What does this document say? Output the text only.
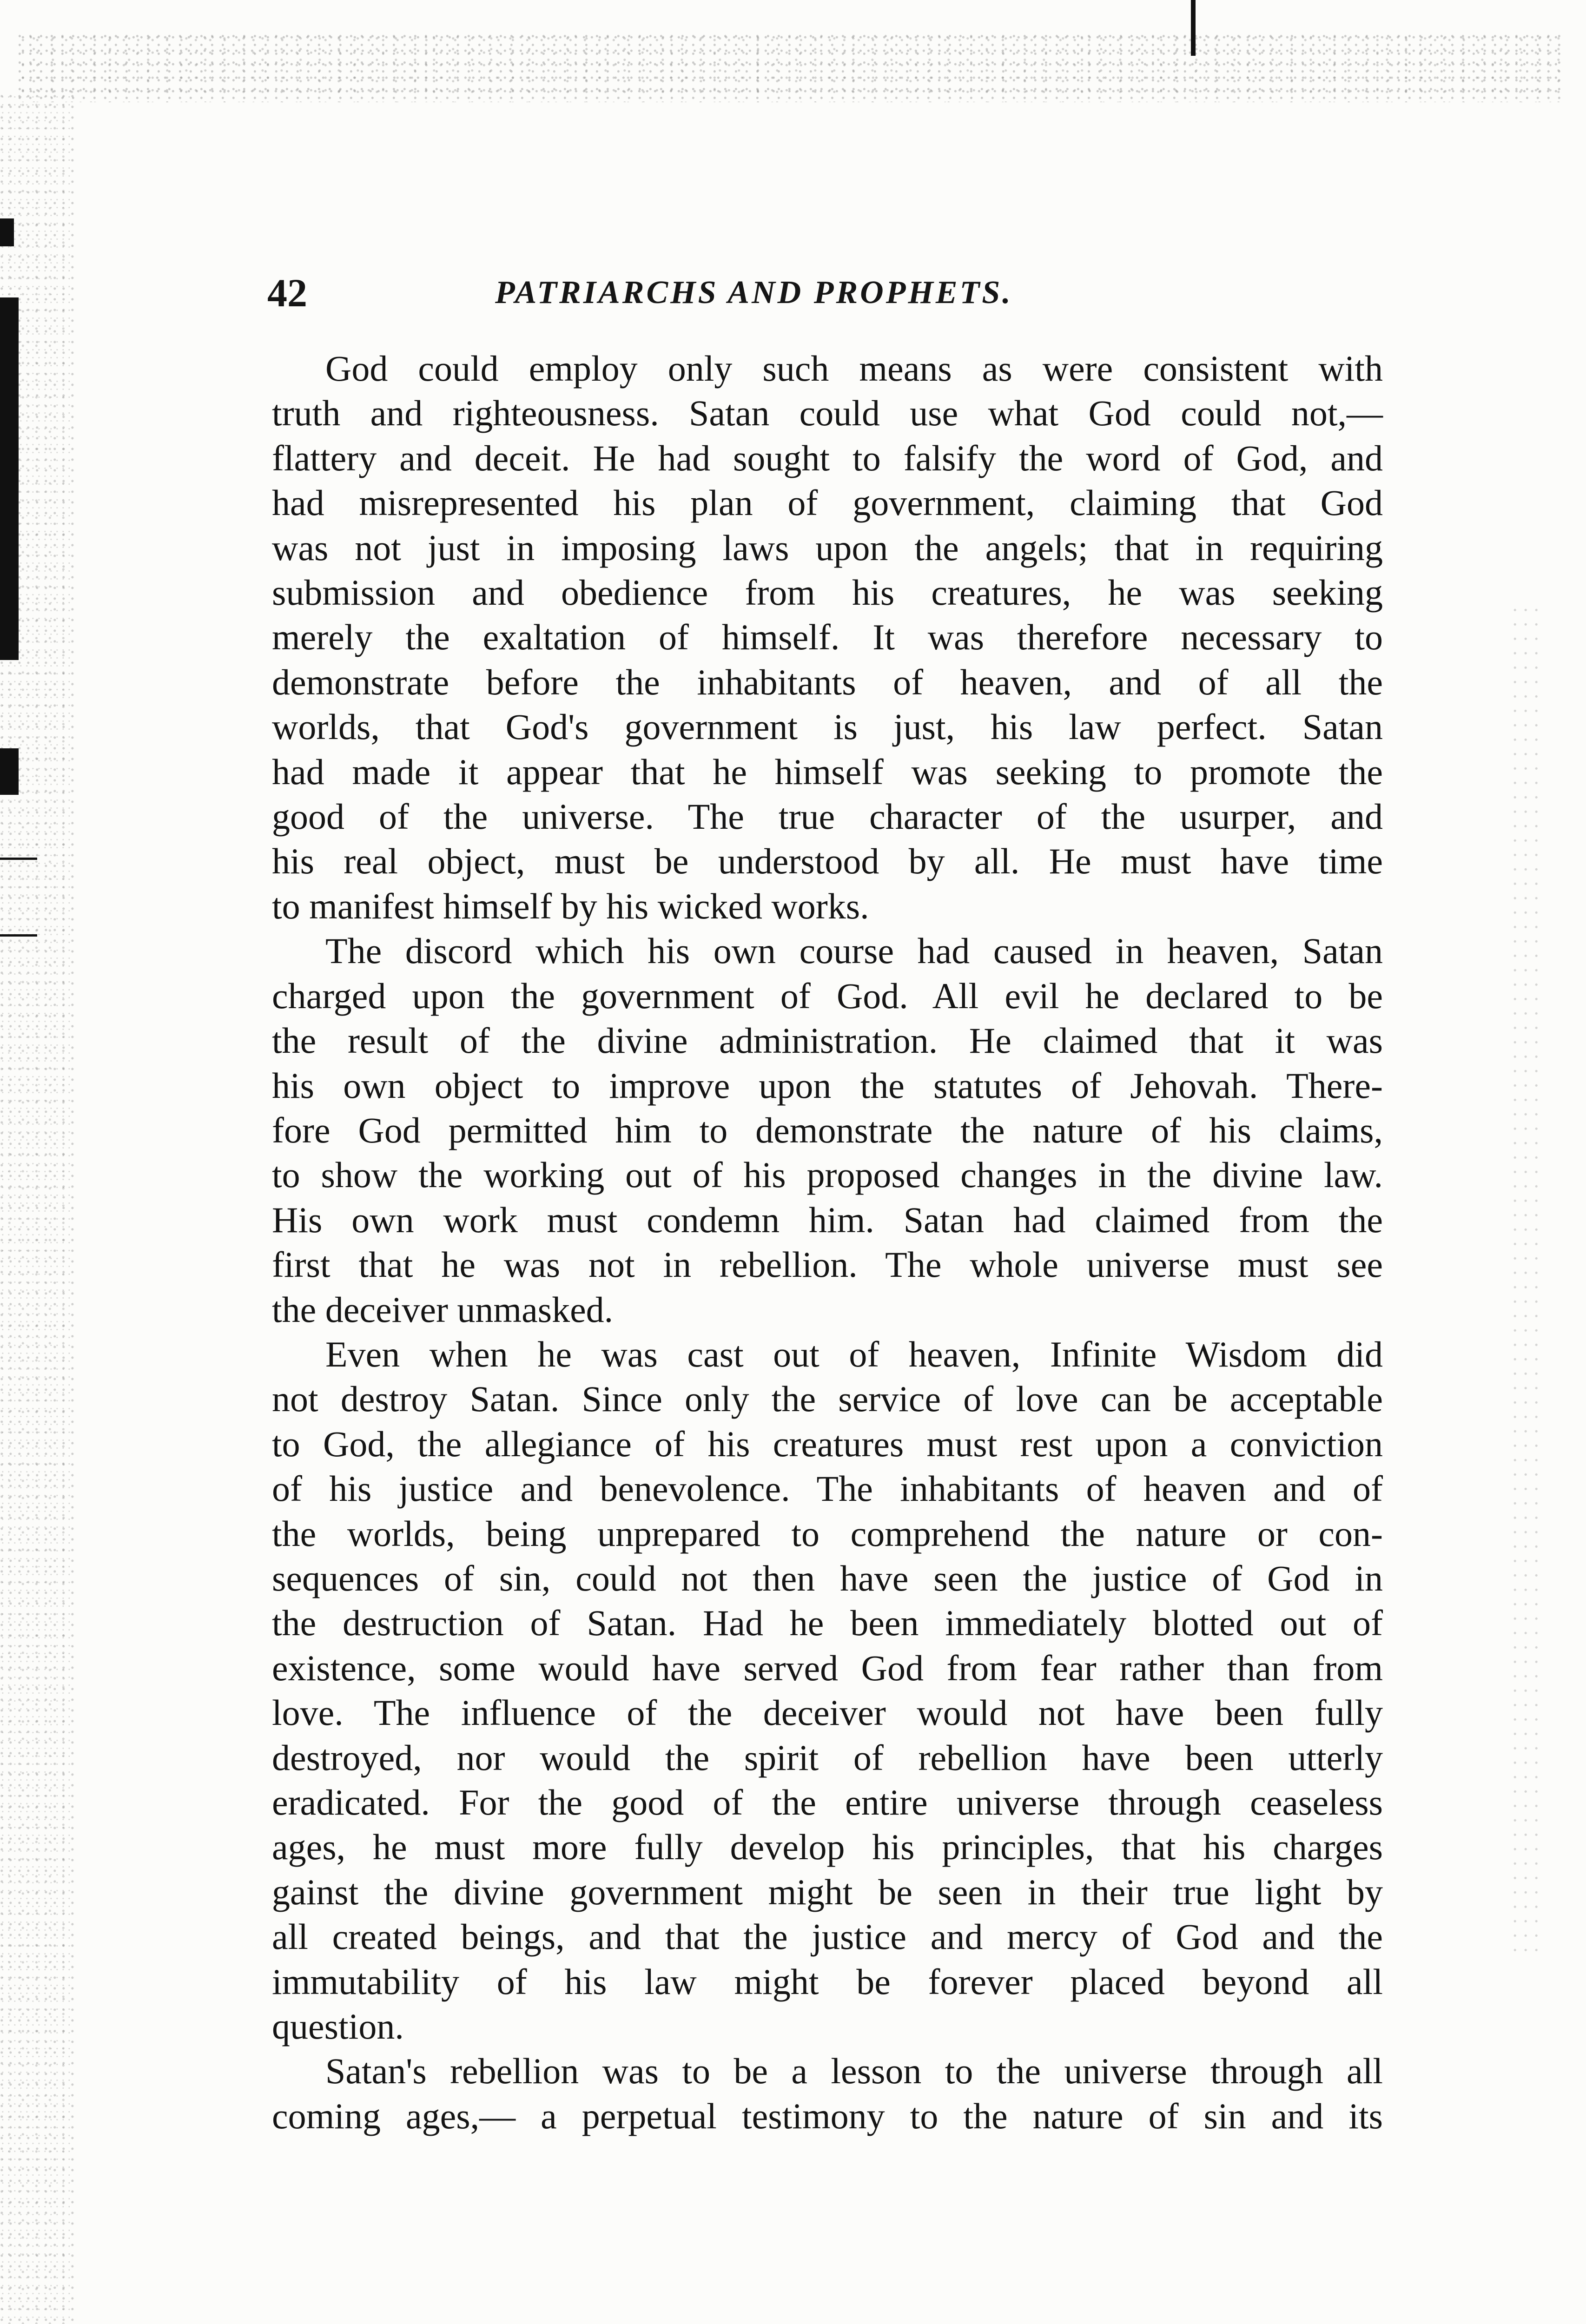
42	PATRIARCHS AND PROPHETS.
God could employ only such means as were consistent with
truth and righteousness. Satan could use what God could not,—
flattery and deceit. He had sought to falsify the word of God, and
had misrepresented his plan of government, claiming that God
was not just in imposing laws upon the angels; that in requiring
submission and obedience from his creatures, he was seeking
merely the exaltation of himself. It was therefore necessary to
demonstrate before the inhabitants of heaven, and of all the
worlds, that God's government is just, his law perfect. Satan
had made it appear that he himself was seeking to promote the
good of the universe. The true character of the usurper, and
his real object, must be understood by all. He must have time
to manifest himself by his wicked works.
The discord which his own course had caused in heaven, Satan
charged upon the government of God. All evil he declared to be
the result of the divine administration. He claimed that it was
his own object to improve upon the statutes of Jehovah. There-
fore God permitted him to demonstrate the nature of his claims,
to show the working out of his proposed changes in the divine law.
His own work must condemn him. Satan had claimed from the
first that he was not in rebellion. The whole universe must see
the deceiver unmasked.
Even when he was cast out of heaven, Infinite Wisdom did
not destroy Satan. Since only the service of love can be acceptable
to God, the allegiance of his creatures must rest upon a conviction
of his justice and benevolence. The inhabitants of heaven and of
the worlds, being unprepared to comprehend the nature or con-
sequences of sin, could not then have seen the justice of God in
the destruction of Satan. Had he been immediately blotted out of
existence, some would have served God from fear rather than from
love. The influence of the deceiver would not have been fully
destroyed, nor would the spirit of rebellion have been utterly
eradicated. For the good of the entire universe through ceaseless
ages, he must more fully develop his principles, that his charges
gainst the divine government might be seen in their true light by
all created beings, and that the justice and mercy of God and the
immutability of his law might be forever placed beyond all
question.
Satan's rebellion was to be a lesson to the universe through all
coming ages,— a perpetual testimony to the nature of sin and its
